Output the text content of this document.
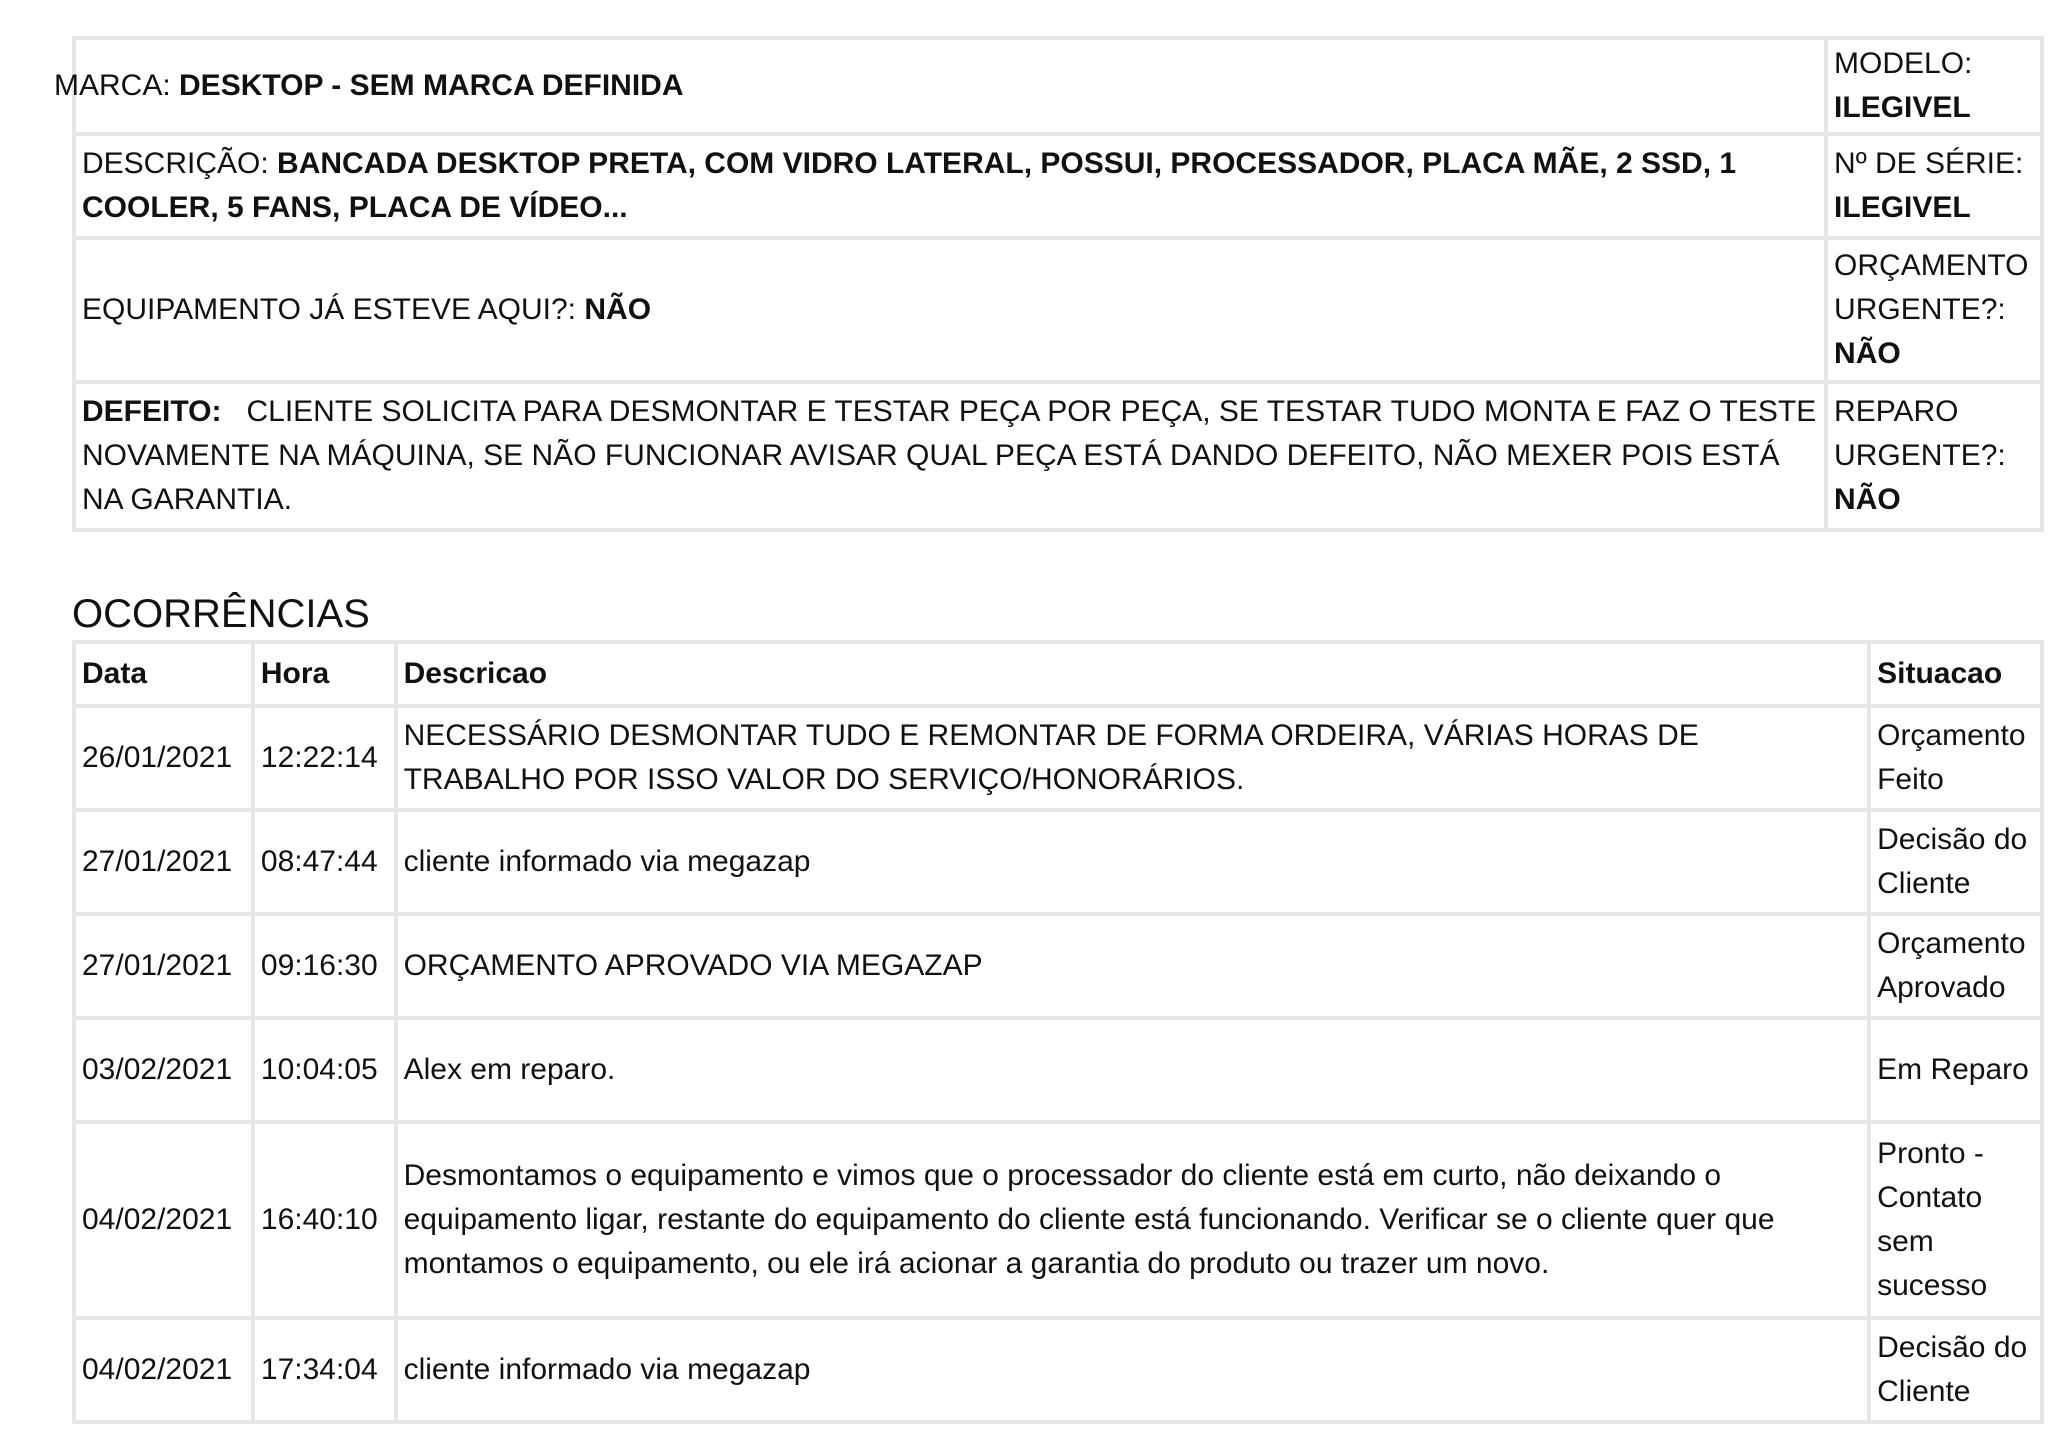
MARCA: DESKTOP - SEM MARCA DEFINIDA	MODELO:
ILEGIVEL
DESCRIÇÃO: BANCADA DESKTOP PRETA, COM VIDRO LATERAL, POSSUI, PROCESSADOR, PLACA MÃE, 2 SSD, 1 COOLER, 5 FANS, PLACA DE VÍDEO...	Nº DE SÉRIE:
ILEGIVEL
EQUIPAMENTO JÁ ESTEVE AQUI?: NÃO	ORÇAMENTO URGENTE?:
NÃO
DEFEITO: CLIENTE SOLICITA PARA DESMONTAR E TESTAR PEÇA POR PEÇA, SE TESTAR TUDO MONTA E FAZ O TESTE NOVAMENTE NA MÁQUINA, SE NÃO FUNCIONAR AVISAR QUAL PEÇA ESTÁ DANDO DEFEITO, NÃO MEXER POIS ESTÁ NA GARANTIA.	REPARO URGENTE?:
NÃO
OCORRÊNCIAS
Data	Hora	Descricao	Situacao
26/01/2021	12:22:14	NECESSÁRIO DESMONTAR TUDO E REMONTAR DE FORMA ORDEIRA, VÁRIAS HORAS DE TRABALHO POR ISSO VALOR DO SERVIÇO/HONORÁRIOS.	Orçamento Feito
27/01/2021	08:47:44	cliente informado via megazap	Decisão do Cliente
27/01/2021	09:16:30	ORÇAMENTO APROVADO VIA MEGAZAP	Orçamento Aprovado
03/02/2021	10:04:05	Alex em reparo.	Em Reparo
04/02/2021	16:40:10	Desmontamos o equipamento e vimos que o processador do cliente está em curto, não deixando o equipamento ligar, restante do equipamento do cliente está funcionando. Verificar se o cliente quer que montamos o equipamento, ou ele irá acionar a garantia do produto ou trazer um novo.	Pronto - Contato sem sucesso
04/02/2021	17:34:04	cliente informado via megazap	Decisão do Cliente
